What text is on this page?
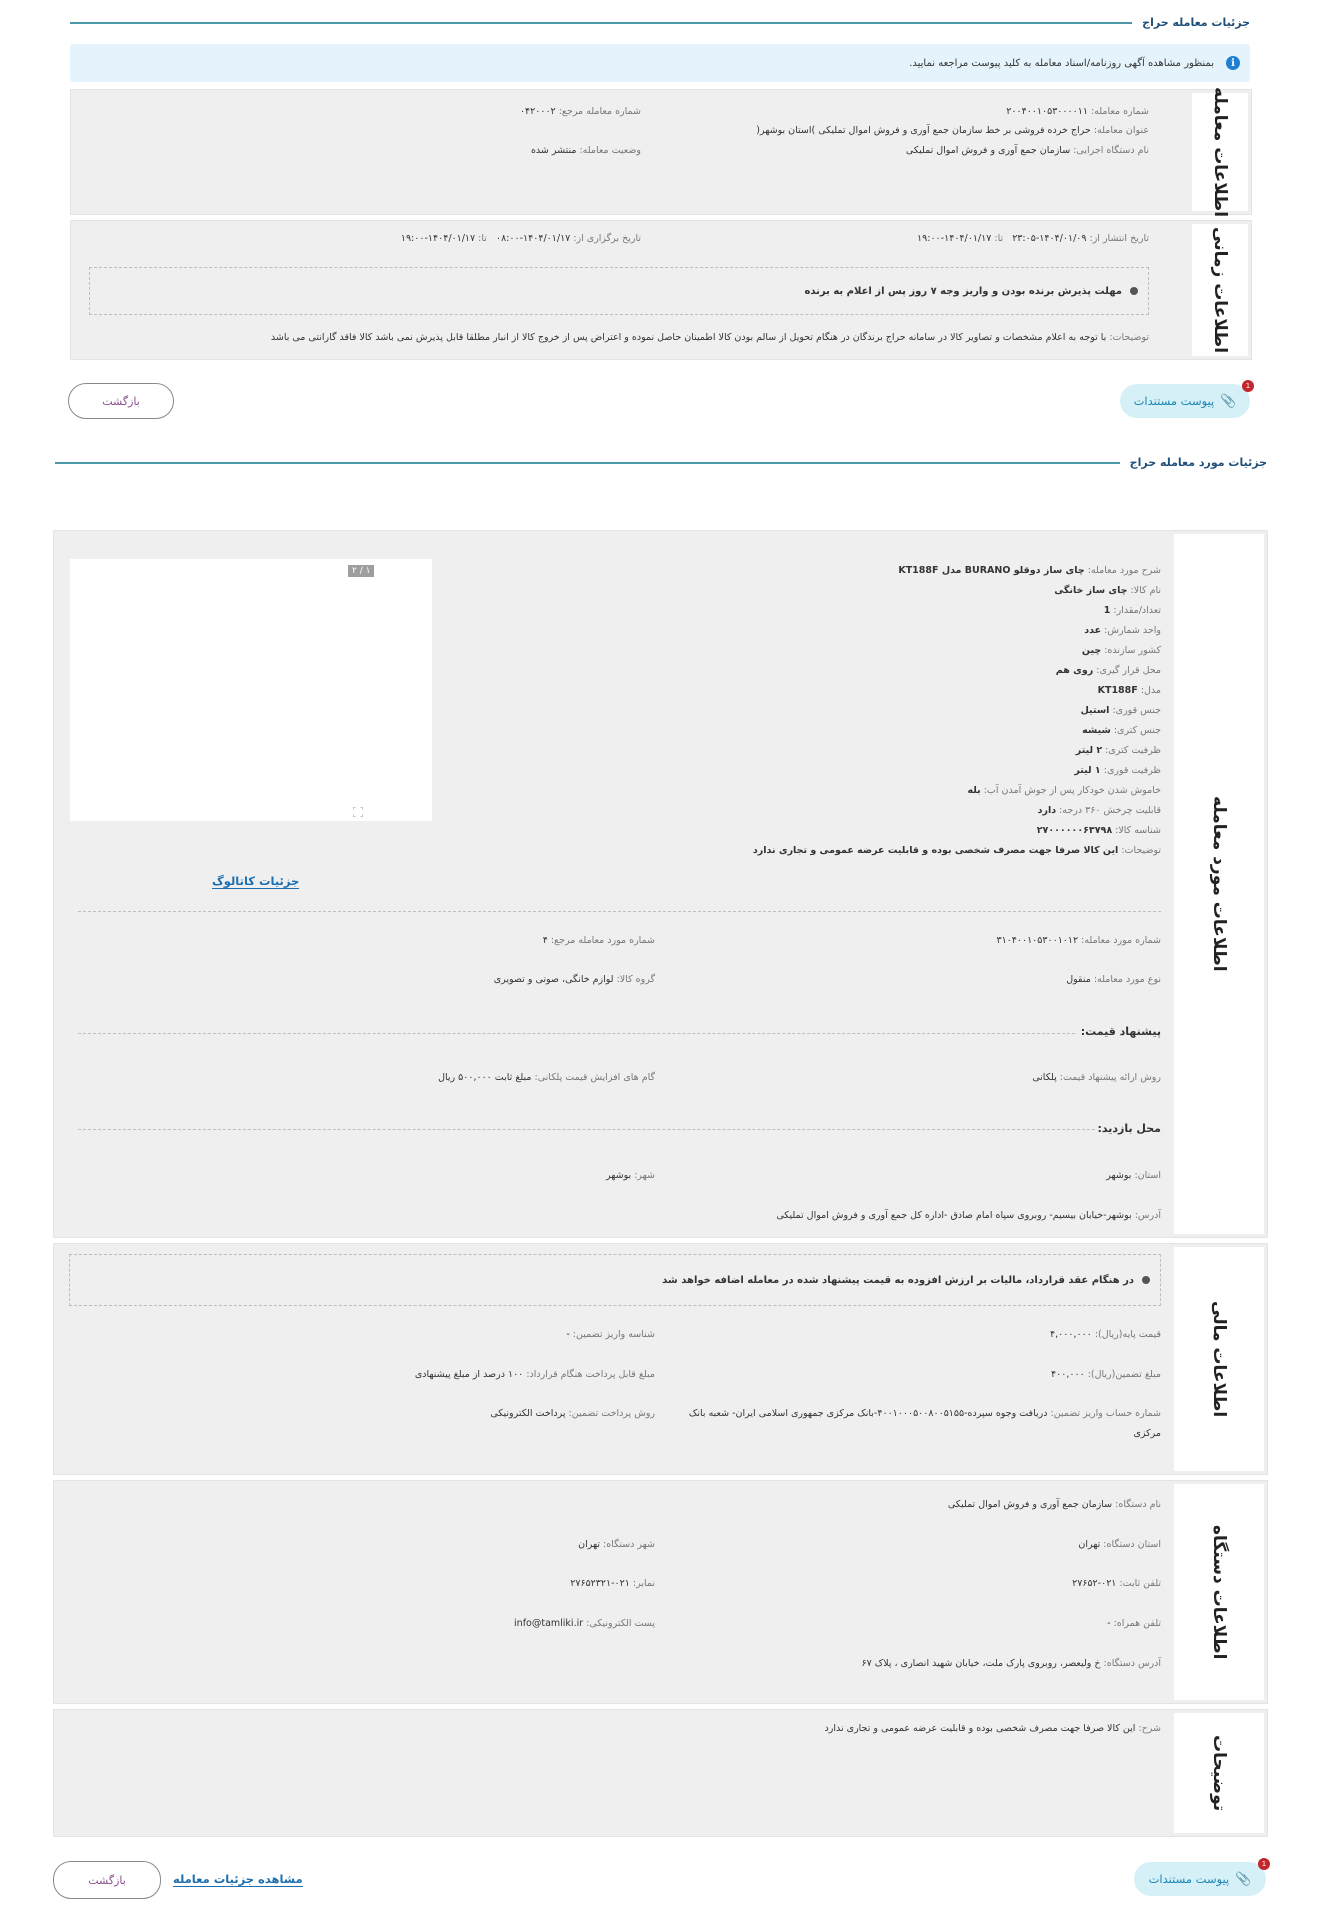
جزئیات معامله حراج
i
بمنظور مشاهده آگهی روزنامه/اسناد معامله به کلید پیوست مراجعه نمایید.
اطلاعات معامله
شماره معامله: ۲۰۰۴۰۰۱۰۵۳۰۰۰۰۱۱
شماره معامله مرجع: ۰۴۲۰۰۰۲
عنوان معامله: حراج خرده فروشی بر خط سازمان جمع آوری و فروش اموال تملیکی )استان بوشهر(
نام دستگاه اجرایی: سازمان جمع آوری و فروش اموال تملیکی
وضعیت معامله: منتشر شده
اطلاعات زمانی
تاریخ انتشار از: ۱۴۰۴/۰۱/۰۹-۲۳:۰۵   تا: ۱۴۰۴/۰۱/۱۷-۱۹:۰۰
تاریخ برگزاری از: ۱۴۰۴/۰۱/۱۷-۰۸:۰۰   تا: ۱۴۰۴/۰۱/۱۷-۱۹:۰۰
مهلت پذیرش برنده بودن و واریز وجه ۷ روز پس از اعلام به برنده
توضیحات: با توجه به اعلام مشخصات و تصاویر کالا در سامانه حراج برندگان در هنگام تحویل از سالم بودن کالا اطمینان حاصل نموده و اعتراض پس از خروج کالا از انبار مطلقا قابل پذیرش نمی باشد کالا فاقد گارانتی می باشد
📎
پیوست مستندات
1
بازگشت
جزئیات مورد معامله حراج
اطلاعات مورد معامله
شرح مورد معامله: چای ساز دوقلو BURANO مدل KT188F
نام کالا: چای ساز خانگی
تعداد/مقدار: 1
واحد شمارش: عدد
کشور سازنده: چین
محل قرار گیری: روی هم
مدل: KT188F
جنس قوری: استیل
جنس کتری: شیشه
ظرفیت کتری: ۲ لیتر
ظرفیت قوری: ۱ لیتر
خاموش شدن خودکار پس از جوش آمدن آب: بله
قابلیت چرخش ۳۶۰ درجه: دارد
شناسه کالا: ۲۷۰۰۰۰۰۰۶۳۷۹۸
توضیحات: این کالا صرفا جهت مصرف شخصی بوده و قابلیت عرضه عمومی و تجاری ندارد
۱ / ۲
جزئیات کاتالوگ
شماره مورد معامله: ۳۱۰۴۰۰۱۰۵۳۰۰۱۰۱۲
شماره مورد معامله مرجع: ۴
نوع مورد معامله: منقول
گروه کالا: لوازم خانگی، صوتی و تصویری
پیشنهاد قیمت:
روش ارائه پیشنهاد قیمت: پلکانی
گام های افزایش قیمت پلکانی: مبلغ ثابت ۵۰۰,۰۰۰ ریال
محل بازدید:
استان: بوشهر
شهر: بوشهر
آدرس: بوشهر-خیابان بیسیم- روبروی سپاه امام صادق -اداره کل جمع آوری و فروش اموال تملیکی
اطلاعات مالی
در هنگام عقد قرارداد، مالیات بر ارزش افزوده به قیمت پیشنهاد شده در معامله اضافه خواهد شد
قیمت پایه(ریال): ۴,۰۰۰,۰۰۰
شناسه واریز تضمین: -
مبلغ تضمین(ریال): ۴۰۰,۰۰۰
مبلغ قابل پرداخت هنگام قرارداد: ۱۰۰ درصد از مبلغ پیشنهادی
شماره حساب واریز تضمین: دریافت وجوه سپرده-۴۰۰۱۰۰۰۵۰۰۸۰۰۵۱۵۵-بانک مرکزی جمهوری اسلامی ایران- شعبه بانک
مرکزی
روش پرداخت تضمین: پرداخت الکترونیکی
اطلاعات دستگاه
نام دستگاه: سازمان جمع آوری و فروش اموال تملیکی
استان دستگاه: تهران
شهر دستگاه: تهران
تلفن ثابت: ۰۲۱-۲۷۶۵۲
نمابر: ۰۲۱-۲۷۶۵۲۳۲۱
تلفن همراه: -
پست الکترونیکی: info@tamliki.ir
آدرس دستگاه: خ ولیعصر، روبروی پارک ملت، خیابان شهید انصاری ، پلاک ۶۷
توضیحات
شرح: این کالا صرفا جهت مصرف شخصی بوده و قابلیت عرضه عمومی و تجاری ندارد
📎
پیوست مستندات
1
مشاهده جزئیات معامله
بازگشت
